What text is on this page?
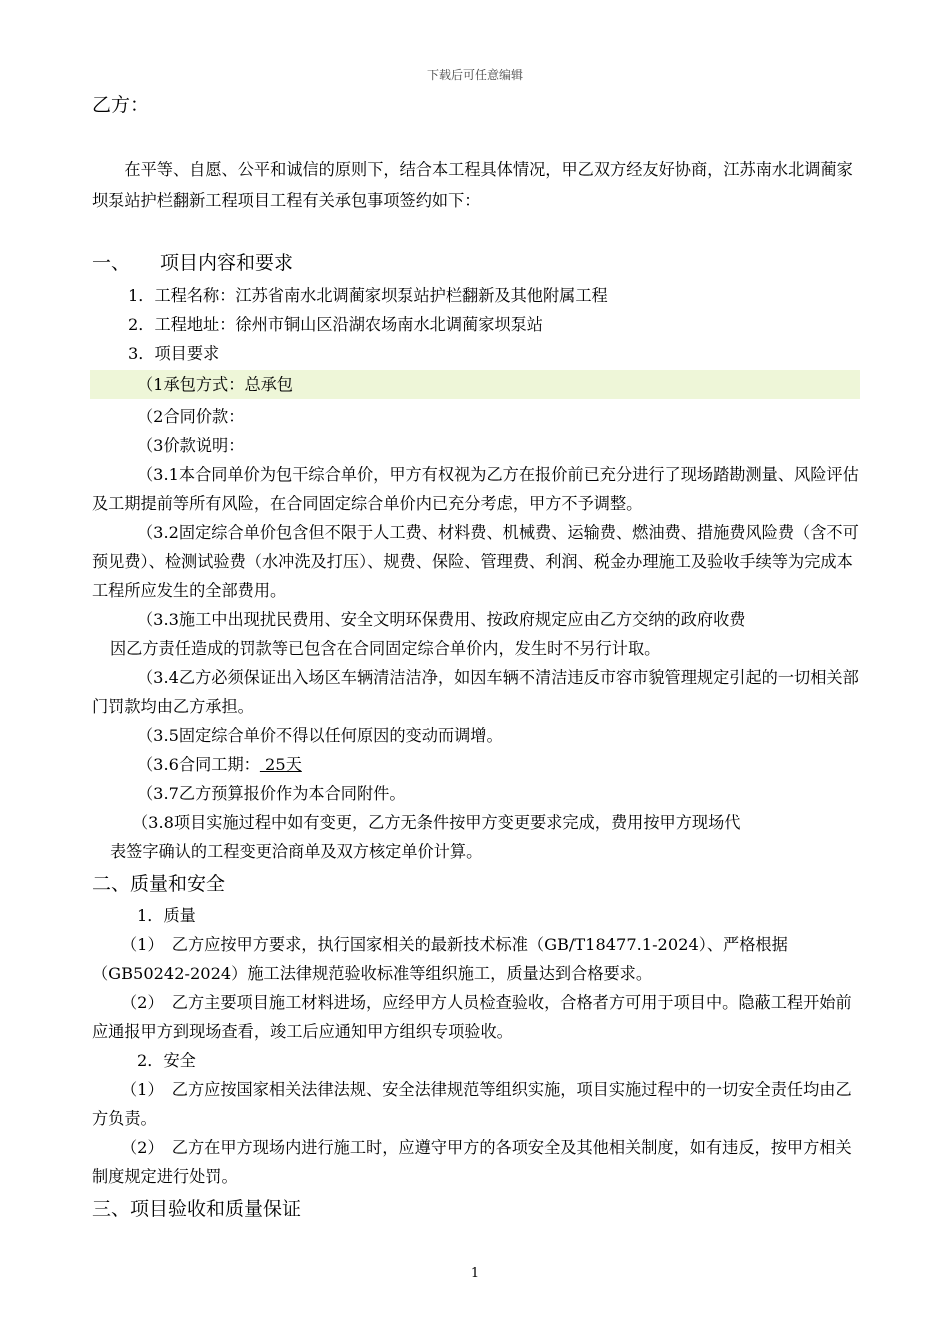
下载后可任意编辑
乙方：
在平等、自愿、公平和诚信的原则下，结合本工程具体情况，甲乙双方经友好协商，江苏南水北调蔺家坝泵站护栏翻新工程项目工程有关承包事项签约如下：
一、 项目内容和要求
1．工程名称：江苏省南水北调蔺家坝泵站护栏翻新及其他附属工程
2．工程地址：徐州市铜山区沿湖农场南水北调蔺家坝泵站
3．项目要求
（1承包方式：总承包
（2合同价款：
（3价款说明：
（3.1本合同单价为包干综合单价，甲方有权视为乙方在报价前已充分进行了现场踏勘测量、风险评估及工期提前等所有风险，在合同固定综合单价内已充分考虑，甲方不予调整。
（3.2固定综合单价包含但不限于人工费、材料费、机械费、运输费、燃油费、措施费风险费（含不可预见费）、检测试验费（水冲洗及打压）、规费、保险、管理费、利润、税金办理施工及验收手续等为完成本工程所应发生的全部费用。
（3.3施工中出现扰民费用、安全文明环保费用、按政府规定应由乙方交纳的政府收费
因乙方责任造成的罚款等已包含在合同固定综合单价内，发生时不另行计取。
（3.4乙方必须保证出入场区车辆清洁洁净，如因车辆不清洁违反市容市貌管理规定引起的一切相关部门罚款均由乙方承担。
（3.5固定综合单价不得以任何原因的变动而调增。
（3.6合同工期： 25天
（3.7乙方预算报价作为本合同附件。
（3.8项目实施过程中如有变更，乙方无条件按甲方变更要求完成，费用按甲方现场代
表签字确认的工程变更洽商单及双方核定单价计算。
二、质量和安全
1．质量
（1）　乙方应按甲方要求，执行国家相关的最新技术标准（GB/T18477.1-2024）、严格根据（GB50242-2024）施工法律规范验收标准等组织施工，质量达到合格要求。
（2）　乙方主要项目施工材料进场，应经甲方人员检查验收，合格者方可用于项目中。隐蔽工程开始前应通报甲方到现场查看，竣工后应通知甲方组织专项验收。
2．安全
（1）　乙方应按国家相关法律法规、安全法律规范等组织实施，项目实施过程中的一切安全责任均由乙方负责。
（2）　乙方在甲方现场内进行施工时，应遵守甲方的各项安全及其他相关制度，如有违反，按甲方相关制度规定进行处罚。
三、项目验收和质量保证
1
